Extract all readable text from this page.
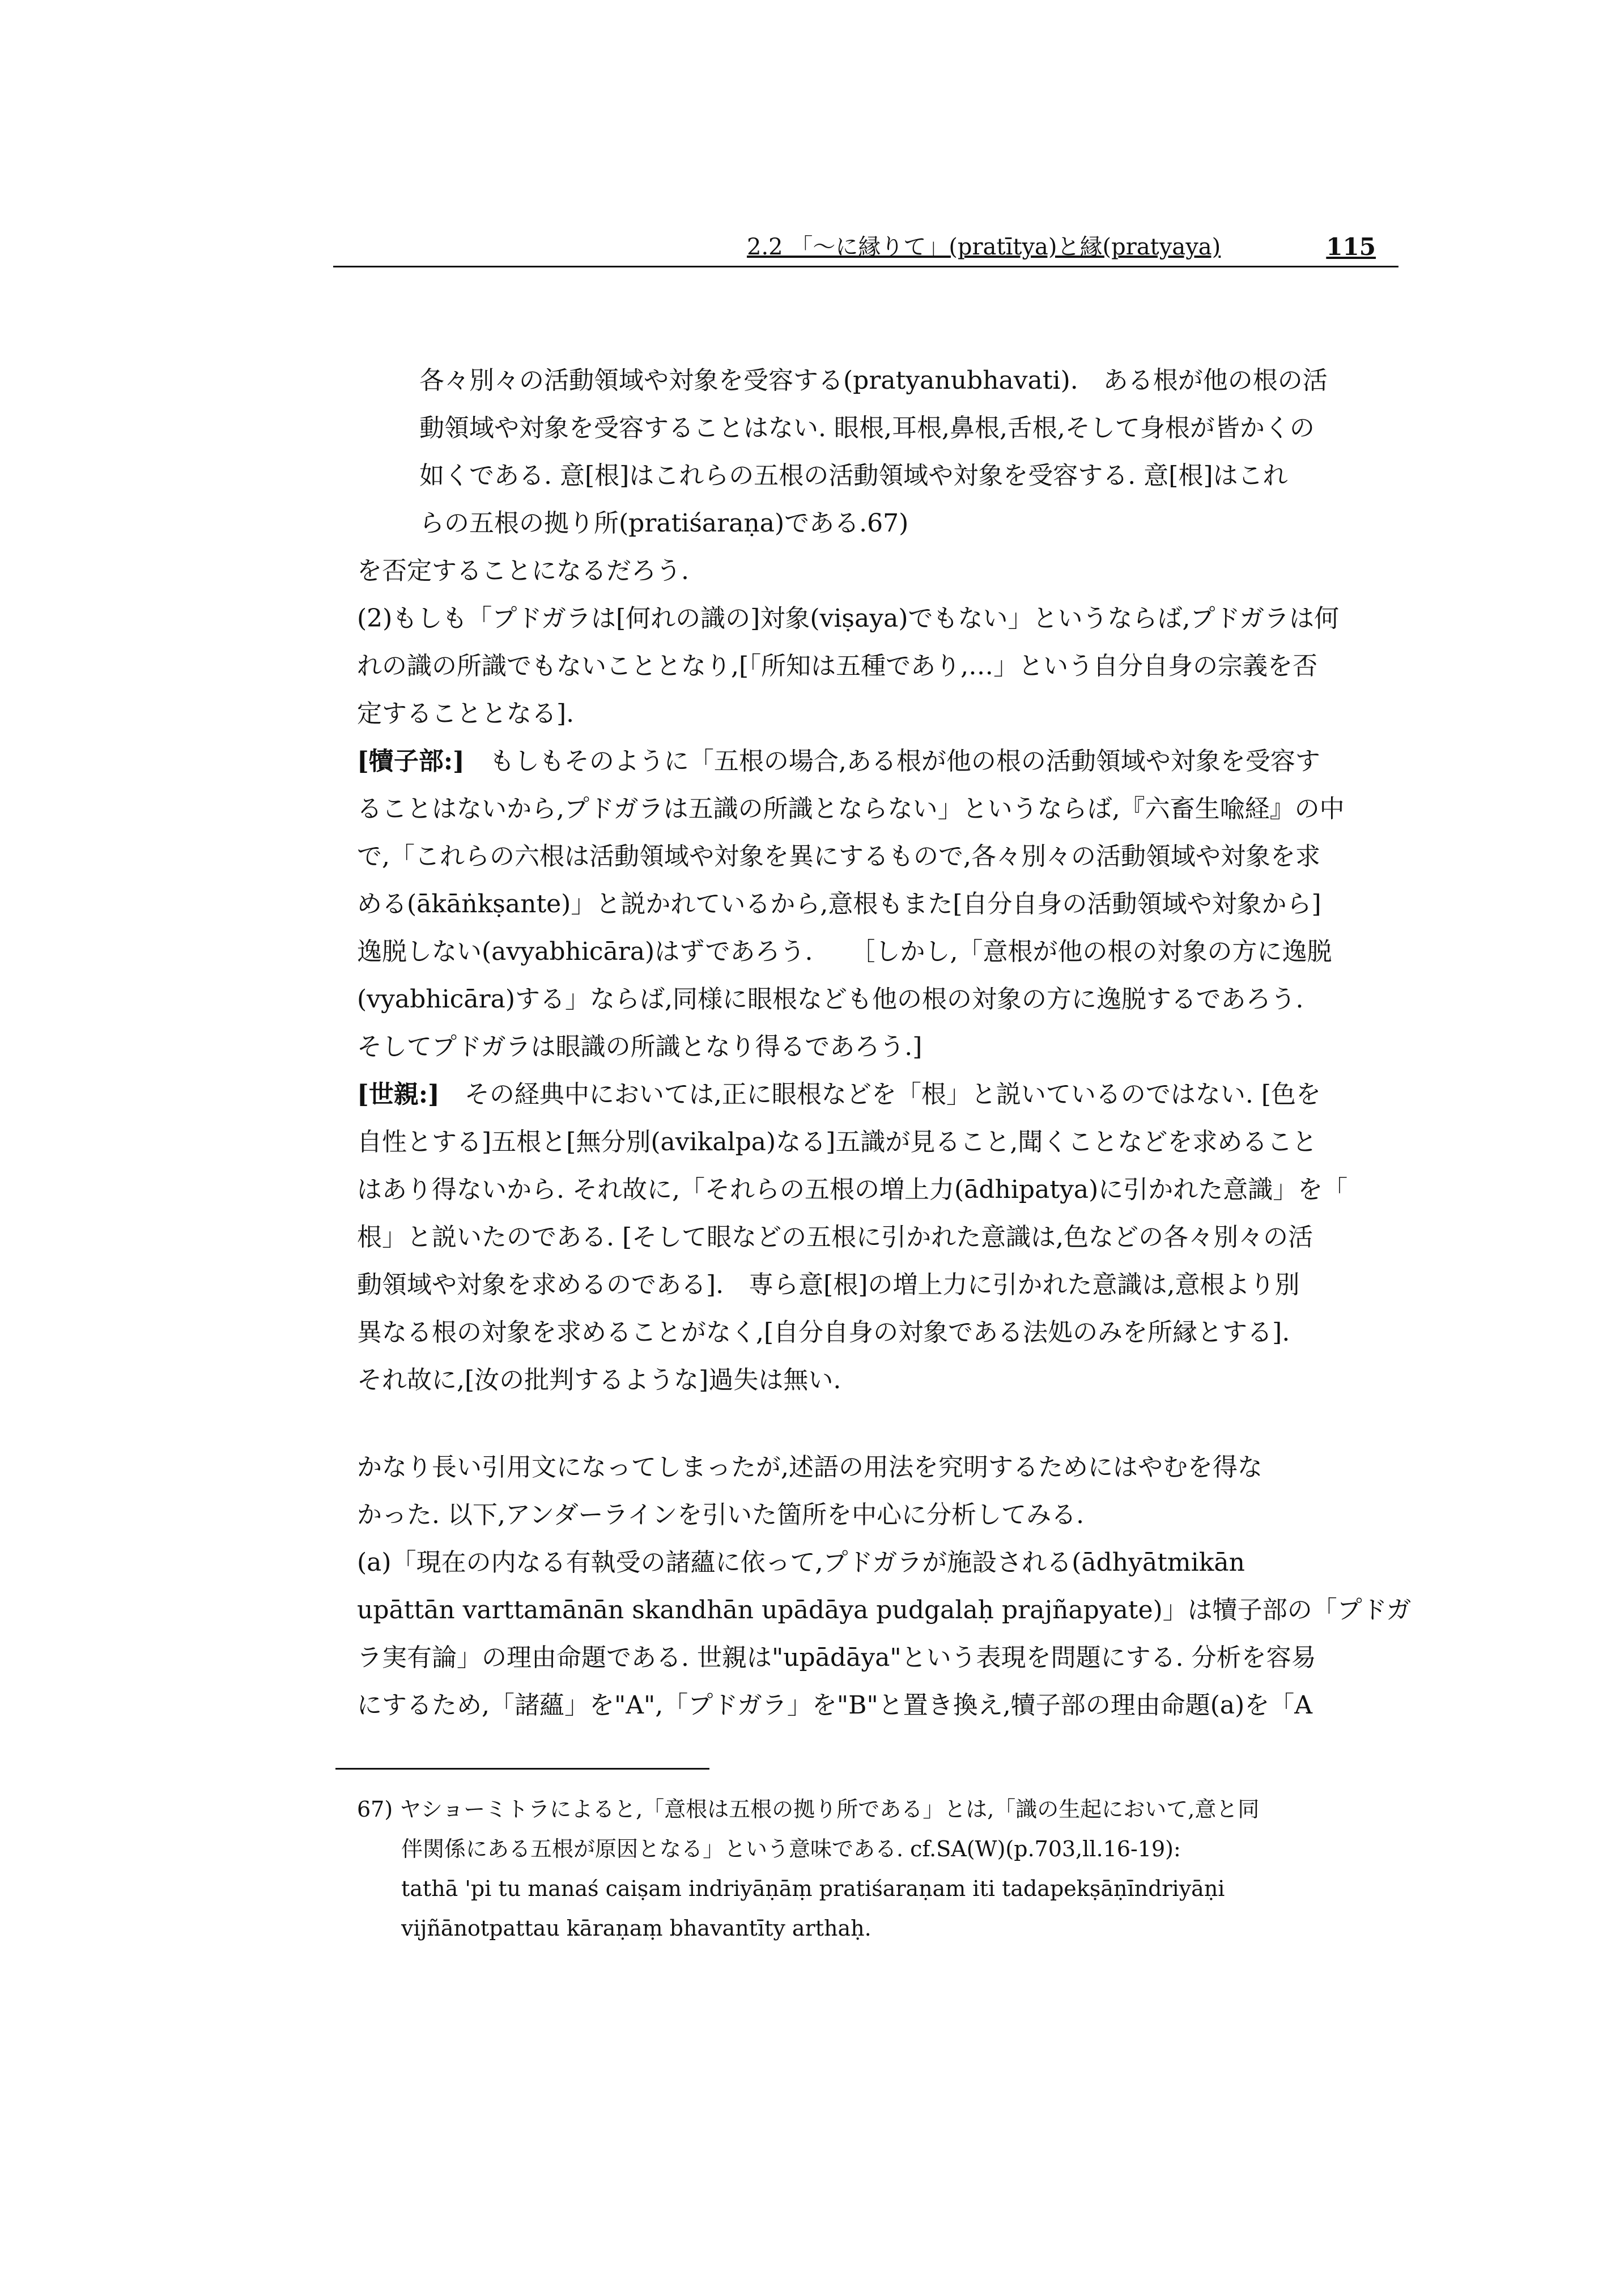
2.2 「～に縁りて」(pratītya)と縁(pratyaya)	115

各々別々の活動領域や対象を受容する(pratyanubhavati).　ある根が他の根の活

動領域や対象を受容することはない. 眼根,耳根,鼻根,舌根,そして身根が皆かくの

如くである. 意[根]はこれらの五根の活動領域や対象を受容する. 意[根]はこれ

らの五根の拠り所(pratiśaraṇa)である.67)

を否定することになるだろう.

(2)もしも「プドガラは[何れの識の]対象(viṣaya)でもない」というならば,プドガラは何

れの識の所識でもないこととなり,[「所知は五種であり,…」という自分自身の宗義を否

定することとなる].

[犢子部:]　 もしもそのように「五根の場合,ある根が他の根の活動領域や対象を受容す

ることはないから,プドガラは五識の所識とならない」というならば,『六畜生喩経』の中

で,「これらの六根は活動領域や対象を異にするもので,各々別々の活動領域や対象を求

める(ākāṅkṣante)」と説かれているから,意根もまた[自分自身の活動領域や対象から]

逸脱しない(avyabhicāra)はずであろう.　　［しかし,「意根が他の根の対象の方に逸脱

(vyabhicāra)する」ならば,同様に眼根なども他の根の対象の方に逸脱するであろう.

そしてプドガラは眼識の所識となり得るであろう.]

[世親:]　 その経典中においては,正に眼根などを「根」と説いているのではない. [色を

自性とする]五根と[無分別(avikalpa)なる]五識が見ること,聞くことなどを求めること

はあり得ないから. それ故に,「それらの五根の増上力(ādhipatya)に引かれた意識」を「

根」と説いたのである. [そして眼などの五根に引かれた意識は,色などの各々別々の活

動領域や対象を求めるのである].　専ら意[根]の増上力に引かれた意識は,意根より別

異なる根の対象を求めることがなく,[自分自身の対象である法処のみを所縁とする].

それ故に,[汝の批判するような]過失は無い.

かなり長い引用文になってしまったが,述語の用法を究明するためにはやむを得な

かった. 以下,アンダーラインを引いた箇所を中心に分析してみる.

(a)「現在の内なる有執受の諸蘊に依って,プドガラが施設される(ādhyātmikān

upāttān varttamānān skandhān upādāya pudgalaḥ prajñapyate)」は犢子部の「プドガ

ラ実有論」の理由命題である. 世親は"upādāya"という表現を問題にする. 分析を容易

にするため,「諸蘊」を"A",「プドガラ」を"B"と置き換え,犢子部の理由命題(a)を「A

67) ヤショーミトラによると,「意根は五根の拠り所である」とは,「識の生起において,意と同

伴関係にある五根が原因となる」という意味である. cf.SA(W)(p.703,ll.16-19):

tathā 'pi tu manaś caiṣam indriyāṇāṃ pratiśaraṇam iti tadapekṣāṇīndriyāṇi

vijñānotpattau kāraṇaṃ bhavantīty arthaḥ.
